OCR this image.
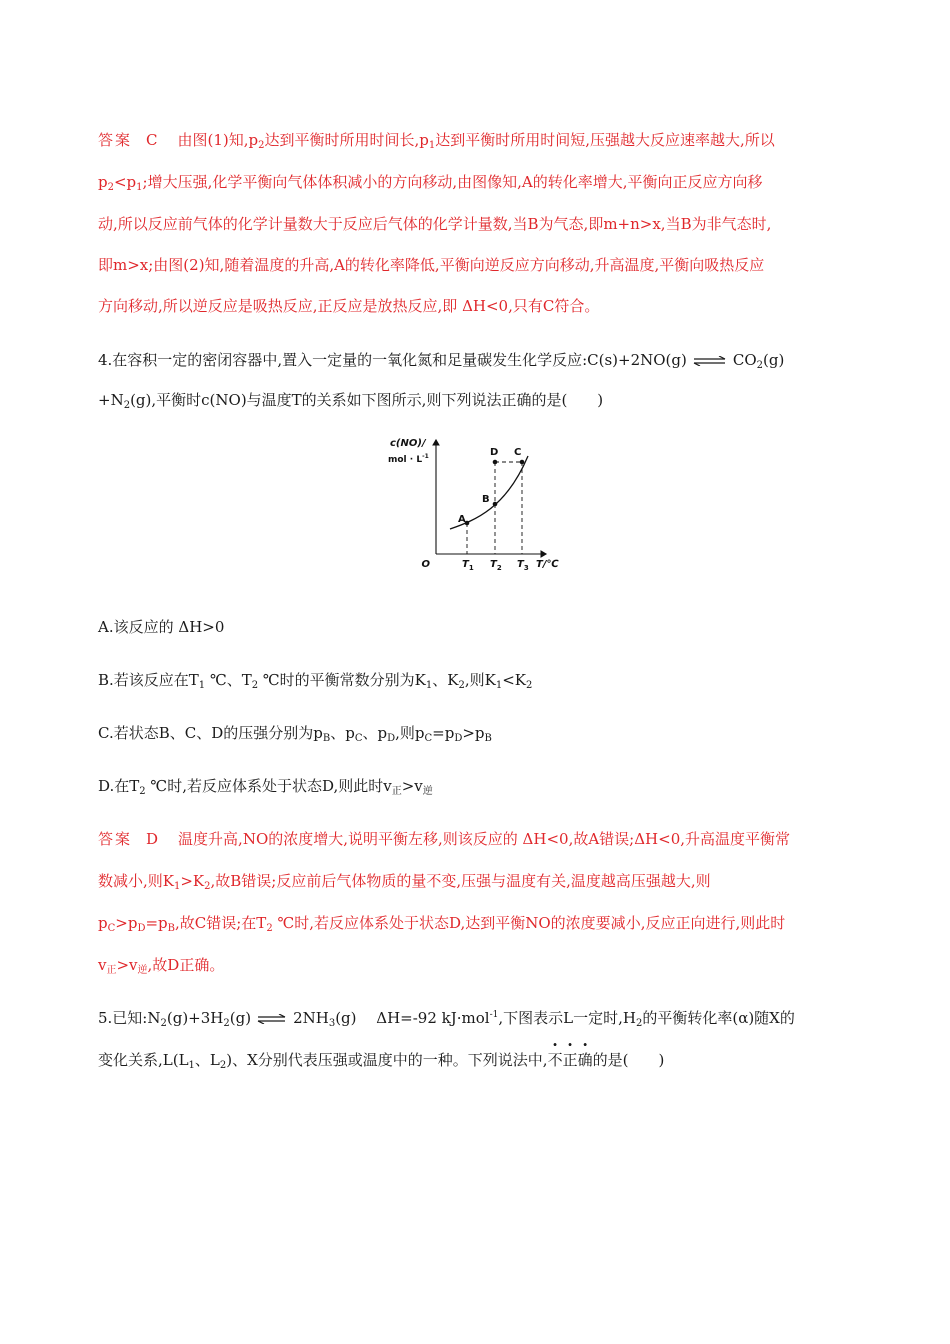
答案 C 由图(1)知$,p_2$达到平衡时所用时间长$,p_1$达到平衡时所用时间短,压强越大反应速率越大,所以
$p_2<p_1$;增大压强,化学平衡向气体体积减小的方向移动,由图像知,A的转化率增大,平衡向正反应方向移
动,所以反应前气体的化学计量数大于反应后气体的化学计量数,当B为气态,即m+n>x,当B为非气态时,
即m>x;由图(2)知,随着温度的升高,A的转化率降低,平衡向逆反应方向移动,升高温度,平衡向吸热反应
方向移动,所以逆反应是吸热反应,正反应是放热反应,即 ΔH<0,只有C符合。
4.在容积一定的密闭容器中,置入一定量的一氧化氮和足量碳发生化学反应:C(s)+2NO(g) ⇌ $CO_2(g)$
$+N_2(g)$,平衡时c(NO)与温度T的关系如下图所示,则下列说法正确的是(　　)
c(NO)/
mol · $L^{-1}$
O	T/℃
A
B
D C
$T_1$ $T_2$ $T_3$
A.该反应的 ΔH>0
B.若该反应在$T_1$ ℃、$T_2$ ℃时的平衡常数分别为$K_1$、$K_2$,则$K_1<K_2$
C.若状态B、C、D的压强分别为$p_B$、$p_C$、$p_D$,则$p_C=p_D>p_B$
D.在$T_2$ ℃时,若反应体系处于状态D,则此时$v_正>v_逆$
答案 D 温度升高,NO的浓度增大,说明平衡左移,则该反应的 ΔH<0,故A错误;ΔH<0,升高温度平衡常
数减小,则$K_1>K_2$,故B错误;反应前后气体物质的量不变,压强与温度有关,温度越高压强越大,则
$p_C>p_D=p_B$,故C错误;在$T_2$ ℃时,若反应体系处于状态D,达到平衡NO的浓度要减小,反应正向进行,则此时
$v_正>v_逆$,故D正确。
5.已知$:N_2(g)+3H_2(g)$ ⇌ $2NH_3(g)$　 ΔH=-92 kJ·mol$^{-1}$,下图表示L一定时$,H_2$的平衡转化率(α)随X的
变化关系$,L(L_1$、$L_2$)、X分别代表压强或温度中的一种。下列说法中,不正确的是(　　)
